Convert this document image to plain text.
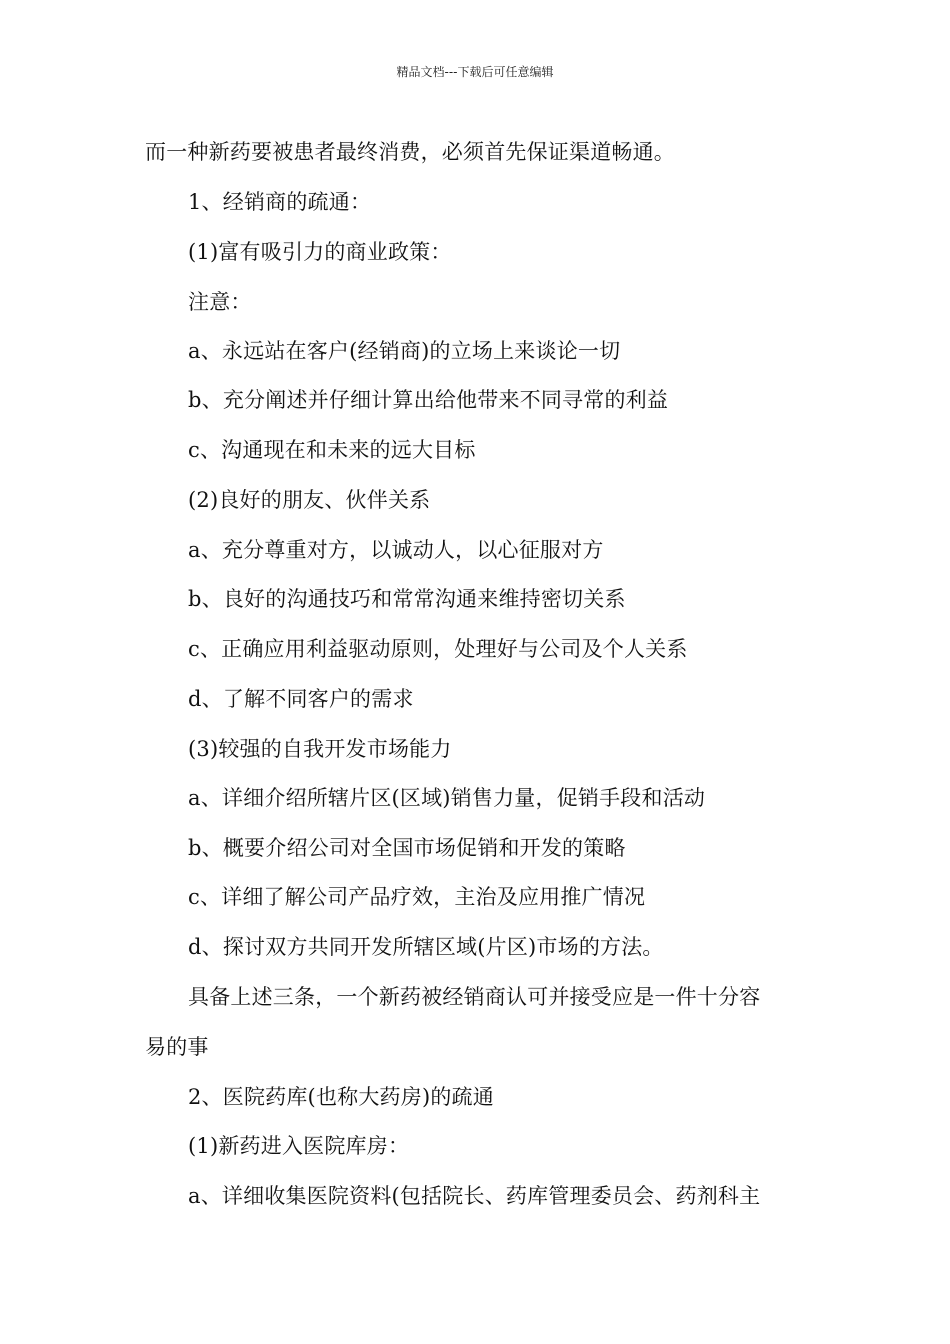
精品文档---下载后可任意编辑
而一种新药要被患者最终消费，必须首先保证渠道畅通。
1、经销商的疏通：
(1)富有吸引力的商业政策：
注意：
a、永远站在客户(经销商)的立场上来谈论一切
b、充分阐述并仔细计算出给他带来不同寻常的利益
c、沟通现在和未来的远大目标
(2)良好的朋友、伙伴关系
a、充分尊重对方，以诚动人，以心征服对方
b、良好的沟通技巧和常常沟通来维持密切关系
c、正确应用利益驱动原则，处理好与公司及个人关系
d、了解不同客户的需求
(3)较强的自我开发市场能力
a、详细介绍所辖片区(区域)销售力量，促销手段和活动
b、概要介绍公司对全国市场促销和开发的策略
c、详细了解公司产品疗效，主治及应用推广情况
d、探讨双方共同开发所辖区域(片区)市场的方法。
具备上述三条，一个新药被经销商认可并接受应是一件十分容
易的事
2、医院药库(也称大药房)的疏通
(1)新药进入医院库房：
a、详细收集医院资料(包括院长、药库管理委员会、药剂科主
